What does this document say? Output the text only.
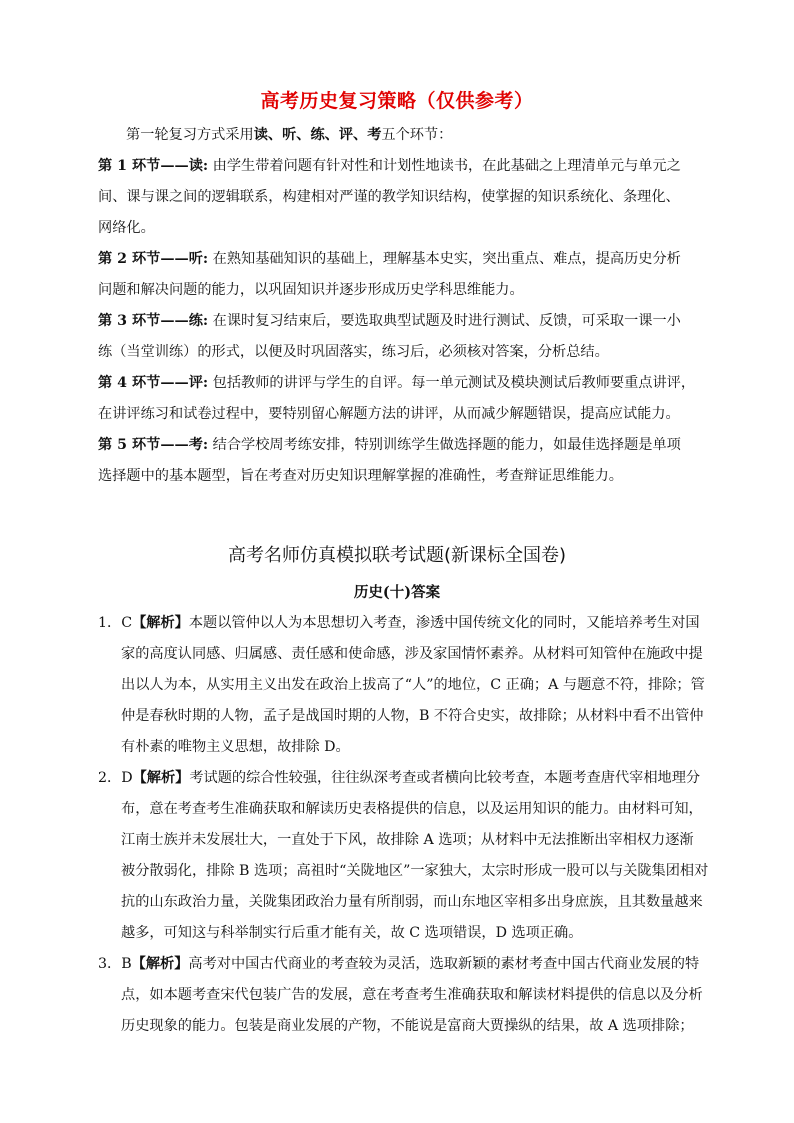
高考历史复习策略（仅供参考）
第一轮复习方式采用读、听、练、评、考五个环节：
第 1 环节——读: 由学生带着问题有针对性和计划性地读书，在此基础之上理清单元与单元之
间、课与课之间的逻辑联系，构建相对严谨的教学知识结构，使掌握的知识系统化、条理化、
网络化。
第 2 环节——听: 在熟知基础知识的基础上，理解基本史实，突出重点、难点，提高历史分析
问题和解决问题的能力，以巩固知识并逐步形成历史学科思维能力。
第 3 环节——练: 在课时复习结束后，要选取典型试题及时进行测试、反馈，可采取一课一小
练（当堂训练）的形式，以便及时巩固落实，练习后，必须核对答案，分析总结。
第 4 环节——评: 包括教师的讲评与学生的自评。每一单元测试及模块测试后教师要重点讲评，
在讲评练习和试卷过程中，要特别留心解题方法的讲评，从而减少解题错误，提高应试能力。
第 5 环节——考: 结合学校周考练安排，特别训练学生做选择题的能力，如最佳选择题是单项
选择题中的基本题型，旨在考查对历史知识理解掌握的准确性，考查辩证思维能力。
高考名师仿真模拟联考试题(新课标全国卷)
历史(十)答案
1．C【解析】本题以管仲以人为本思想切入考查，渗透中国传统文化的同时，又能培养考生对国
家的高度认同感、归属感、责任感和使命感，涉及家国情怀素养。从材料可知管仲在施政中提
出以人为本，从实用主义出发在政治上拔高了“人”的地位，C 正确；A 与题意不符，排除；管
仲是春秋时期的人物，孟子是战国时期的人物，B 不符合史实，故排除；从材料中看不出管仲
有朴素的唯物主义思想，故排除 D。
2．D【解析】考试题的综合性较强，往往纵深考查或者横向比较考查，本题考查唐代宰相地理分
布，意在考查考生准确获取和解读历史表格提供的信息，以及运用知识的能力。由材料可知，
江南士族并未发展壮大，一直处于下风，故排除 A 选项；从材料中无法推断出宰相权力逐渐
被分散弱化，排除 B 选项；高祖时“关陇地区”一家独大，太宗时形成一股可以与关陇集团相对
抗的山东政治力量，关陇集团政治力量有所削弱，而山东地区宰相多出身庶族，且其数量越来
越多，可知这与科举制实行后重才能有关，故 C 选项错误，D 选项正确。
3．B【解析】高考对中国古代商业的考查较为灵活，选取新颖的素材考查中国古代商业发展的特
点，如本题考查宋代包装广告的发展，意在考查考生准确获取和解读材料提供的信息以及分析
历史现象的能力。包装是商业发展的产物，不能说是富商大贾操纵的结果，故 A 选项排除；
